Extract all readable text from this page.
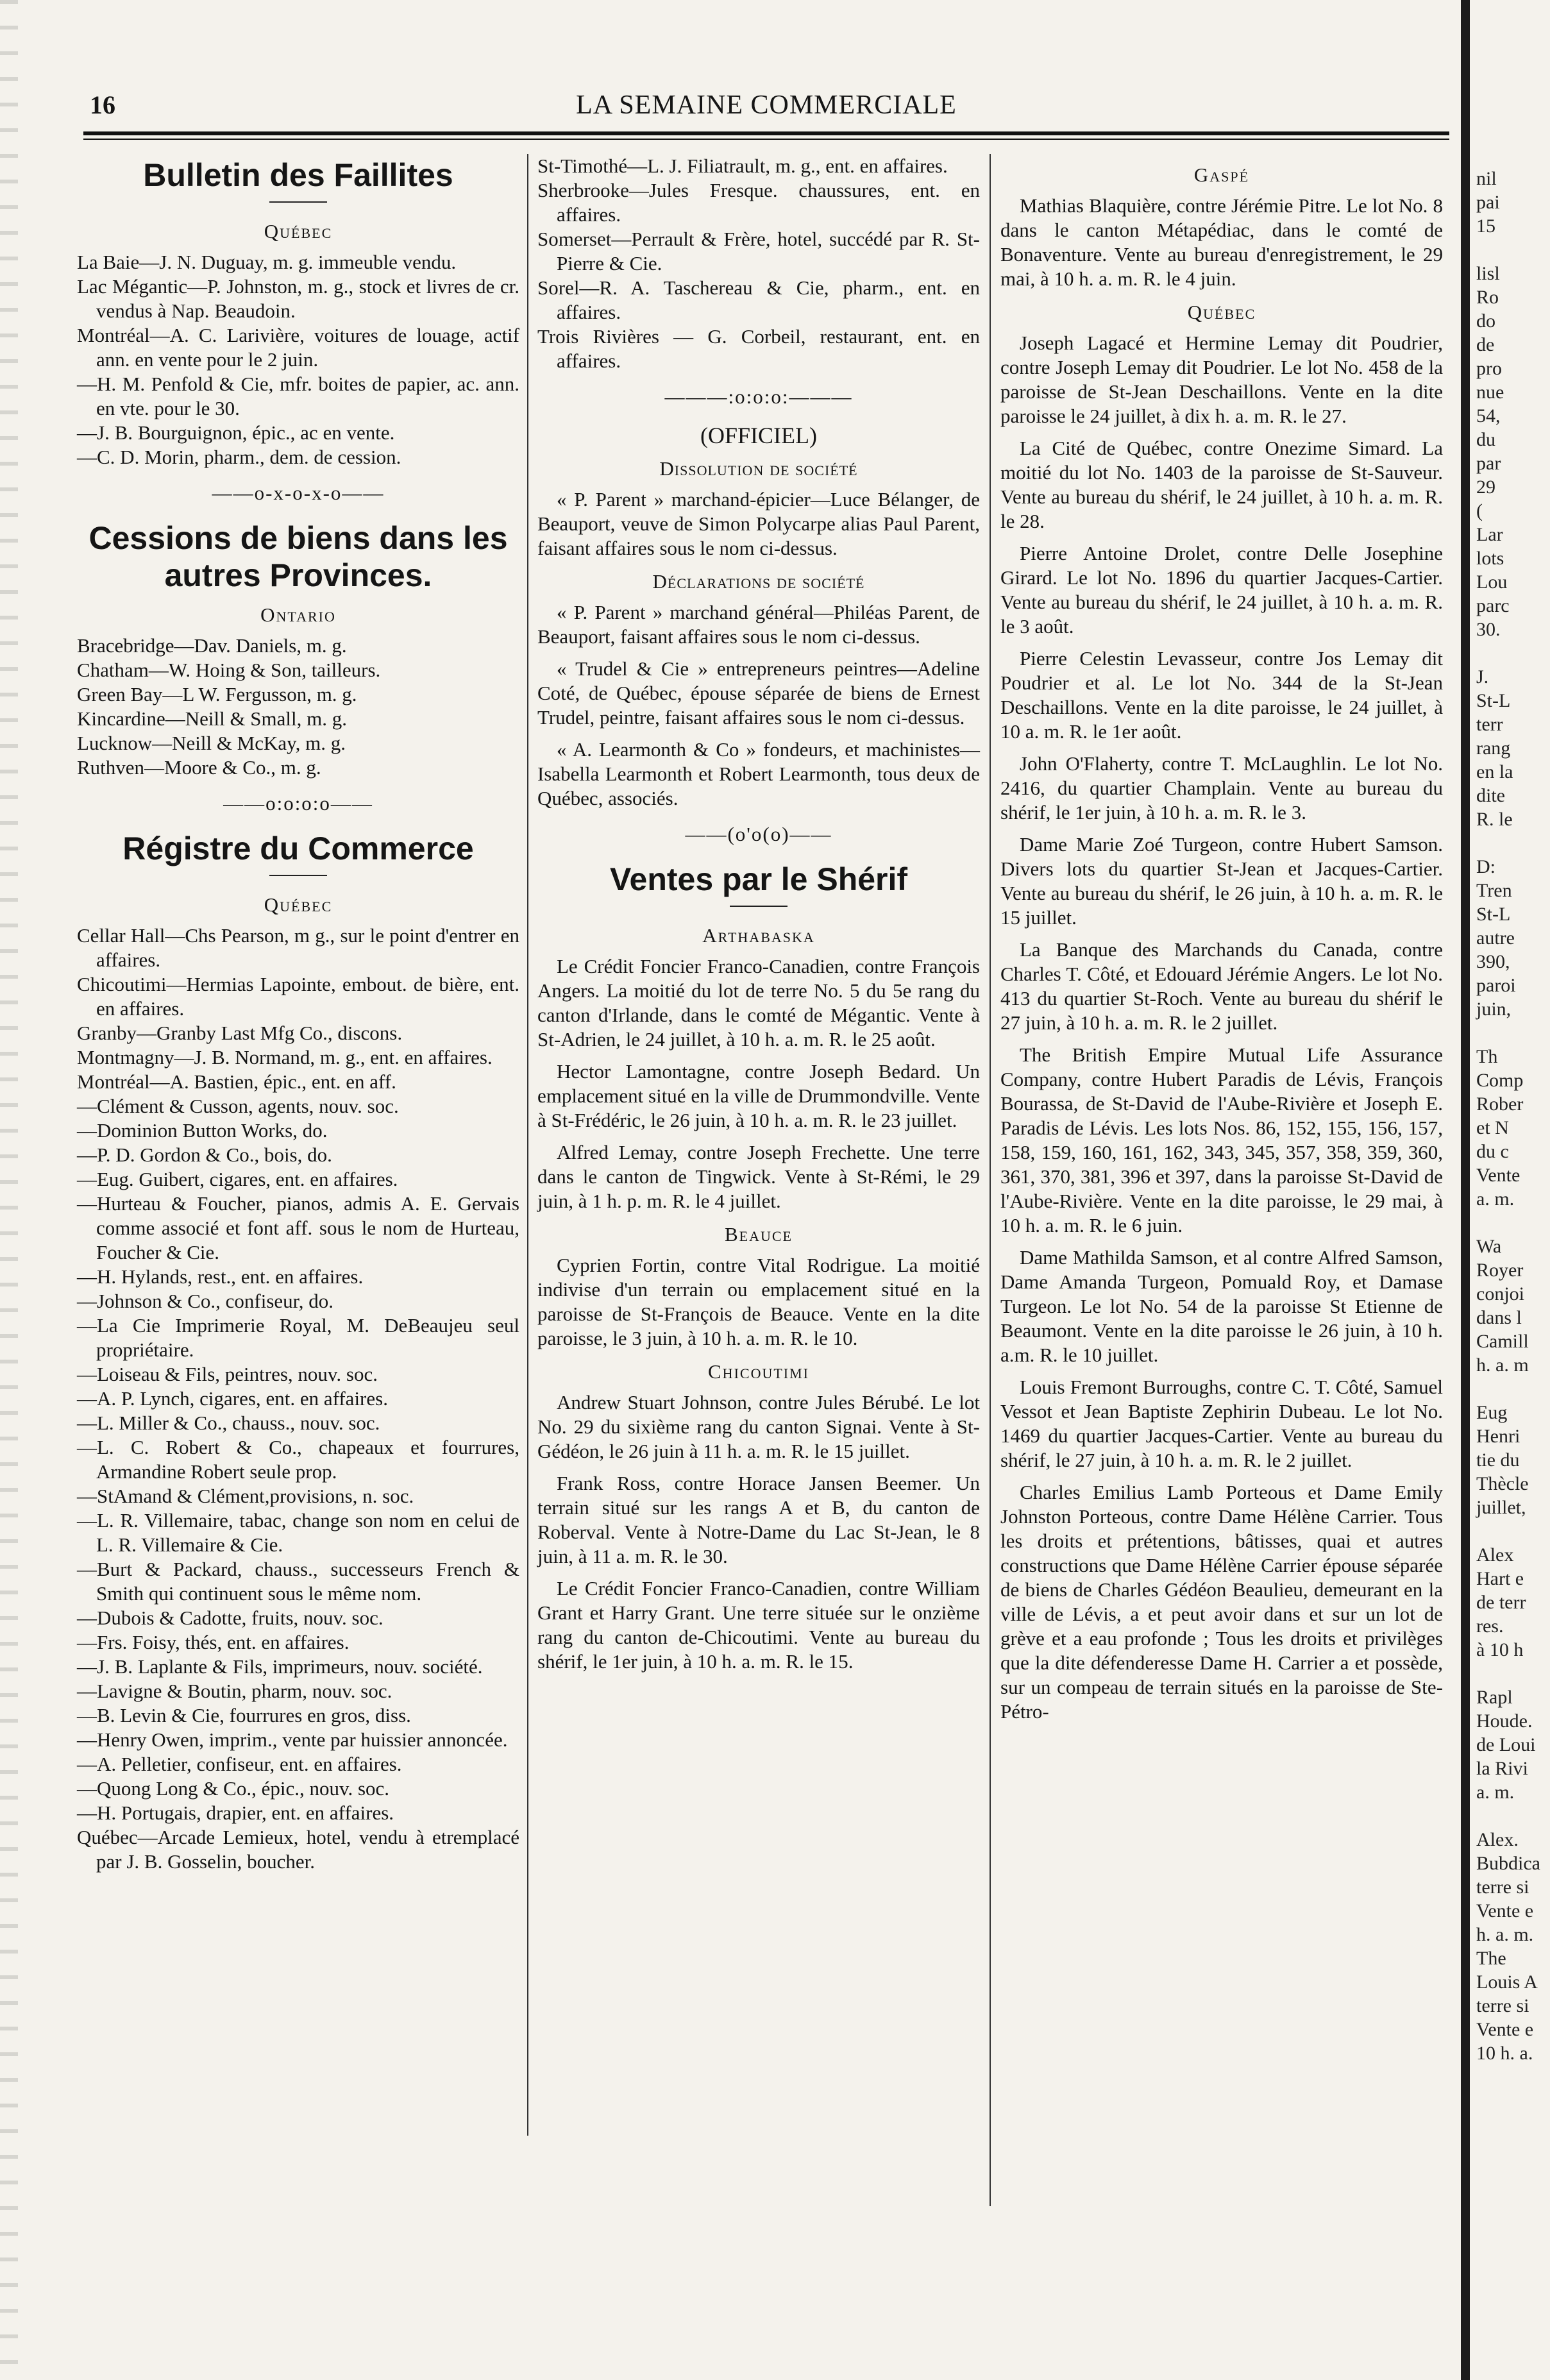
16	LA SEMAINE COMMERCIALE
Bulletin des Faillites
Québec

La Baie—J. N. Duguay, m. g. immeuble vendu.

Lac Mégantic—P. Johnston, m. g., stock et livres de cr. vendus à Nap. Beaudoin.

Montréal—A. C. Larivière, voitures de louage, actif ann. en vente pour le 2 juin.

—H. M. Penfold & Cie, mfr. boites de papier, ac. ann. en vte. pour le 30.

—J. B. Bourguignon, épic., ac en vente.

—C. D. Morin, pharm., dem. de cession.

——o-x-o-x-o——
Cessions de biens dans les autres Provinces.
Ontario

Bracebridge—Dav. Daniels, m. g.

Chatham—W. Hoing & Son, tailleurs.

Green Bay—L W. Fergusson, m. g.

Kincardine—Neill & Small, m. g.

Lucknow—Neill & McKay, m. g.

Ruthven—Moore & Co., m. g.

——o:o:o:o——
Régistre du Commerce
Québec

Cellar Hall—Chs Pearson, m g., sur le point d'entrer en affaires.

Chicoutimi—Hermias Lapointe, embout. de bière, ent. en affaires.

Granby—Granby Last Mfg Co., discons.

Montmagny—J. B. Normand, m. g., ent. en affaires.

Montréal—A. Bastien, épic., ent. en aff.

—Clément & Cusson, agents, nouv. soc.

—Dominion Button Works, do.

—P. D. Gordon & Co., bois, do.

—Eug. Guibert, cigares, ent. en affaires.

—Hurteau & Foucher, pianos, admis A. E. Gervais comme associé et font aff. sous le nom de Hurteau, Foucher & Cie.

—H. Hylands, rest., ent. en affaires.

—Johnson & Co., confiseur, do.

—La Cie Imprimerie Royal, M. DeBeaujeu seul propriétaire.

—Loiseau & Fils, peintres, nouv. soc.

—A. P. Lynch, cigares, ent. en affaires.

—L. Miller & Co., chauss., nouv. soc.

—L. C. Robert & Co., chapeaux et fourrures, Armandine Robert seule prop.

—StAmand & Clément,provisions, n. soc.

—L. R. Villemaire, tabac, change son nom en celui de L. R. Villemaire & Cie.

—Burt & Packard, chauss., successeurs French & Smith qui continuent sous le même nom.

—Dubois & Cadotte, fruits, nouv. soc.

—Frs. Foisy, thés, ent. en affaires.

—J. B. Laplante & Fils, imprimeurs, nouv. société.

—Lavigne & Boutin, pharm, nouv. soc.

—B. Levin & Cie, fourrures en gros, diss.

—Henry Owen, imprim., vente par huissier annoncée.

—A. Pelletier, confiseur, ent. en affaires.

—Quong Long & Co., épic., nouv. soc.

—H. Portugais, drapier, ent. en affaires.

Québec—Arcade Lemieux, hotel, vendu à etremplacé par J. B. Gosselin, boucher.

St-Timothé—L. J. Filiatrault, m. g., ent. en affaires.

Sherbrooke—Jules Fresque. chaussures, ent. en affaires.

Somerset—Perrault & Frère, hotel, succédé par R. St-Pierre & Cie.

Sorel—R. A. Taschereau & Cie, pharm., ent. en affaires.

Trois Rivières — G. Corbeil, restaurant, ent. en affaires.

———:o:o:o:———
(OFFICIEL)
Dissolution de société

« P. Parent » marchand-épicier—Luce Bélanger, de Beauport, veuve de Simon Polycarpe alias Paul Parent, faisant affaires sous le nom ci-dessus.

Déclarations de société

« P. Parent » marchand général—Philéas Parent, de Beauport, faisant affaires sous le nom ci-dessus.

« Trudel & Cie » entrepreneurs peintres—Adeline Coté, de Québec, épouse séparée de biens de Ernest Trudel, peintre, faisant affaires sous le nom ci-dessus.

« A. Learmonth & Co » fondeurs, et machinistes—Isabella Learmonth et Robert Learmonth, tous deux de Québec, associés.

——(o'o(o)——
Ventes par le Shérif
Arthabaska

Le Crédit Foncier Franco-Canadien, contre François Angers. La moitié du lot de terre No. 5 du 5e rang du canton d'Irlande, dans le comté de Mégantic. Vente à St-Adrien, le 24 juillet, à 10 h. a. m. R. le 25 août.

Hector Lamontagne, contre Joseph Bedard. Un emplacement situé en la ville de Drummondville. Vente à St-Frédéric, le 26 juin, à 10 h. a. m. R. le 23 juillet.

Alfred Lemay, contre Joseph Frechette. Une terre dans le canton de Tingwick. Vente à St-Rémi, le 29 juin, à 1 h. p. m. R. le 4 juillet.

Beauce

Cyprien Fortin, contre Vital Rodrigue. La moitié indivise d'un terrain ou emplacement situé en la paroisse de St-François de Beauce. Vente en la dite paroisse, le 3 juin, à 10 h. a. m. R. le 10.

Chicoutimi

Andrew Stuart Johnson, contre Jules Bérubé. Le lot No. 29 du sixième rang du canton Signai. Vente à St-Gédéon, le 26 juin à 11 h. a. m. R. le 15 juillet.

Frank Ross, contre Horace Jansen Beemer. Un terrain situé sur les rangs A et B, du canton de Roberval. Vente à Notre-Dame du Lac St-Jean, le 8 juin, à 11 a. m. R. le 30.

Le Crédit Foncier Franco-Canadien, contre William Grant et Harry Grant. Une terre située sur le onzième rang du canton de-Chicoutimi. Vente au bureau du shérif, le 1er juin, à 10 h. a. m. R. le 15.

Gaspé

Mathias Blaquière, contre Jérémie Pitre. Le lot No. 8 dans le canton Métapédiac, dans le comté de Bonaventure. Vente au bureau d'enregistrement, le 29 mai, à 10 h. a. m. R. le 4 juin.

Québec

Joseph Lagacé et Hermine Lemay dit Poudrier, contre Joseph Lemay dit Poudrier. Le lot No. 458 de la paroisse de St-Jean Deschaillons. Vente en la dite paroisse le 24 juillet, à dix h. a. m. R. le 27.

La Cité de Québec, contre Onezime Simard. La moitié du lot No. 1403 de la paroisse de St-Sauveur. Vente au bureau du shérif, le 24 juillet, à 10 h. a. m. R. le 28.

Pierre Antoine Drolet, contre Delle Josephine Girard. Le lot No. 1896 du quartier Jacques-Cartier. Vente au bureau du shérif, le 24 juillet, à 10 h. a. m. R. le 3 août.

Pierre Celestin Levasseur, contre Jos Lemay dit Poudrier et al. Le lot No. 344 de la St-Jean Deschaillons. Vente en la dite paroisse, le 24 juillet, à 10 a. m. R. le 1er août.

John O'Flaherty, contre T. McLaughlin. Le lot No. 2416, du quartier Champlain. Vente au bureau du shérif, le 1er juin, à 10 h. a. m. R. le 3.

Dame Marie Zoé Turgeon, contre Hubert Samson. Divers lots du quartier St-Jean et Jacques-Cartier. Vente au bureau du shérif, le 26 juin, à 10 h. a. m. R. le 15 juillet.

La Banque des Marchands du Canada, contre Charles T. Côté, et Edouard Jérémie Angers. Le lot No. 413 du quartier St-Roch. Vente au bureau du shérif le 27 juin, à 10 h. a. m. R. le 2 juillet.

The British Empire Mutual Life Assurance Company, contre Hubert Paradis de Lévis, François Bourassa, de St-David de l'Aube-Rivière et Joseph E. Paradis de Lévis. Les lots Nos. 86, 152, 155, 156, 157, 158, 159, 160, 161, 162, 343, 345, 357, 358, 359, 360, 361, 370, 381, 396 et 397, dans la paroisse St-David de l'Aube-Rivière. Vente en la dite paroisse, le 29 mai, à 10 h. a. m. R. le 6 juin.

Dame Mathilda Samson, et al contre Alfred Samson, Dame Amanda Turgeon, Pomuald Roy, et Damase Turgeon. Le lot No. 54 de la paroisse St Etienne de Beaumont. Vente en la dite paroisse le 26 juin, à 10 h. a.m. R. le 10 juillet.

Louis Fremont Burroughs, contre C. T. Côté, Samuel Vessot et Jean Baptiste Zephirin Dubeau. Le lot No. 1469 du quartier Jacques-Cartier. Vente au bureau du shérif, le 27 juin, à 10 h. a. m. R. le 2 juillet.

Charles Emilius Lamb Porteous et Dame Emily Johnston Porteous, contre Dame Hélène Carrier. Tous les droits et prétentions, bâtisses, quai et autres constructions que Dame Hélène Carrier épouse séparée de biens de Charles Gédéon Beaulieu, demeurant en la ville de Lévis, a et peut avoir dans et sur un lot de grève et a eau profonde ; Tous les droits et privilèges que la dite défenderesse Dame H. Carrier a et possède, sur un compeau de terrain situés en la paroisse de Ste-Pétro-

nil
pai
15
lisl
Ro
do
de
pro
nue
54,
du
par
29
(
Lar
lots
Lou
parc
30.
J.
St-L
terr
rang
en la
dite
R. le
D:
Tren
St-L
autre
390,
paroi
juin,
Th
Comp
Rober
et N
du c
Vente
a. m.
Wa
Royer
conjoi
dans l
Camill
h. a. m
Eug
Henri
tie du
Thècle
juillet,
Alex
Hart e
de terr
res.
à 10 h
Rapl
Houde.
de Loui
la Rivi
a. m.
Alex.
Bubdica
terre si
Vente e
h. a. m.
The
Louis A
terre si
Vente e
10 h. a.
